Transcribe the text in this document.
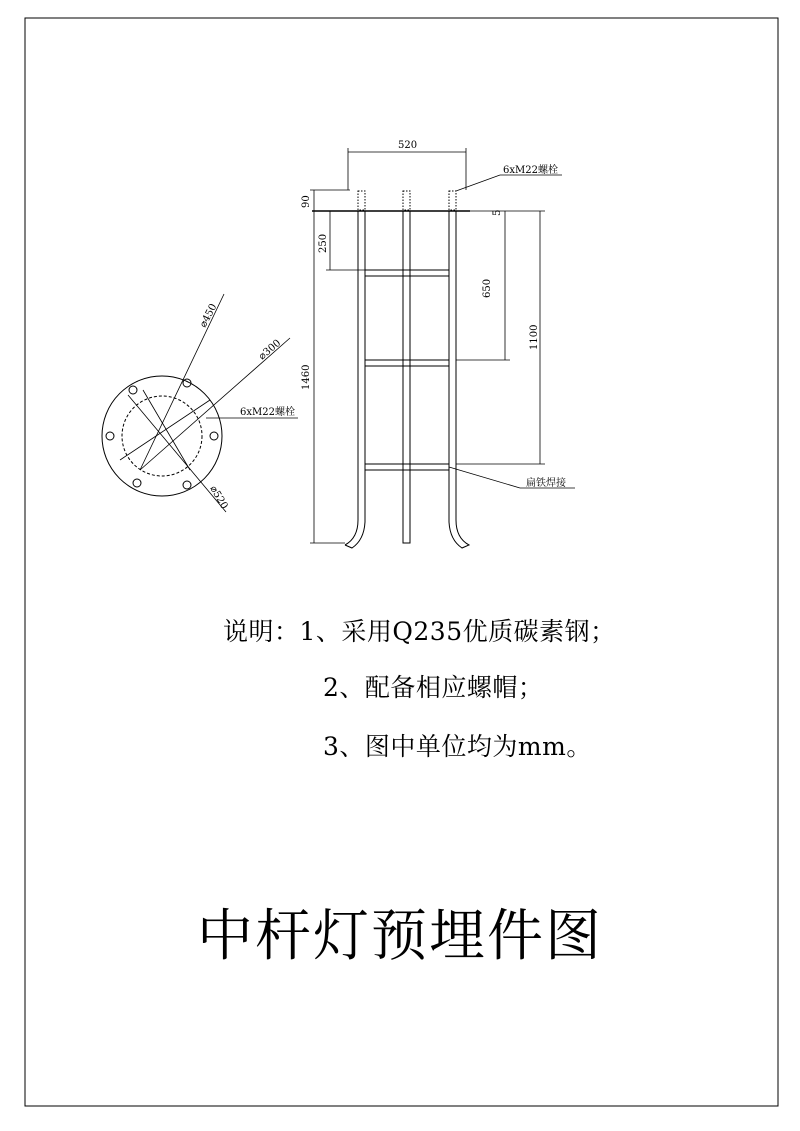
⌀450
⌀300
⌀520
6xM22螺栓
520
90
1460
250
5
650
1100
6xM22螺栓
扁铁焊接
说明：1、采用Q235优质碳素钢；
2、配备相应螺帽；
3、图中单位均为mm。
中杆灯预埋件图
